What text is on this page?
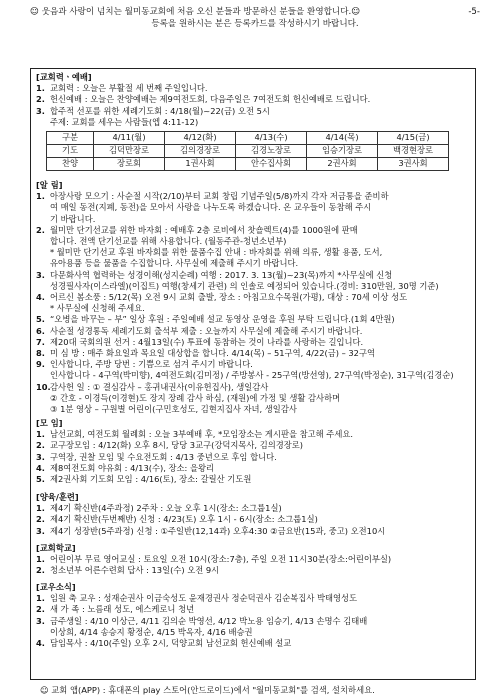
☺ 웃음과 사랑이 넘치는 월미동교회에 처음 오신 분들과 방문하신 분들을 환영합니다.☺	-5-
등록을 원하시는 분은 등록카드를 작성하시기 바랍니다.
[교회력ㆍ예배]
1. 교회력 : 오늘은 부활절 세 번째 주일입니다.
2. 헌신예배 : 오늘은 찬양예배는 제9여전도회, 다음주일은 7여전도회 헌신예배로 드립니다.
3. 합주적 선포를 위한 세례기도회 : 4/18(월)~22(금) 오전 5시
주제: 교회를 세우는 사람들(엡 4:11-12)
구분	4/11(월)	4/12(화)	4/13(수)	4/14(목)	4/15(금)
기도	김덕만장로	김의경장로	김경노장로	임승기장로	백경현장로
찬양	장로회	1권사회	안수집사회	2권사회	3권사회
[알 림]
1. 아장사랑 모으기 : 사순절 시작(2/10)부터 교회 창립 기념주일(5/8)까지 각자 저금통을 준비하
여 매일 동전(지폐, 동전)을 모아서 사랑을 나누도록 하겠습니다. 온 교우들이 동참해 주시
기 바랍니다.
2. 월미만 단기선교를 위한 바자회 : 예배후 2층 로비에서 찻숄렉트(4)를 1000원에 판매
합니다. 전액 단기선교를 위해 사용합니다. (월동주관-청년소년부)
* 월미만 단기선교 후원 바자회를 위한 물품수집 안내 : 바자회를 위해 의류, 생활 용품, 도서,
유아용품 등을 물품을 수집합니다. 사무실에 제출해 주시기 바랍니다.
3. 다문화사역 협력하는 성경이해(성지순례) 여행 : 2017. 3. 13(월)~23(목)까지 *사무실에 신청
성경필사자(이스라엘)(이집트) 여행(창세기 관련) 의 인솔로 예정되어 있습니다.(경비: 310만원, 30명 기준)
4. 어르신 봄소풍 : 5/12(목) 오전 9시 교회 출발, 장소 : 아침고요수목원(가평), 대상 : 70세 이상 성도
* 사무실에 신청해 주세요.
5. “오병을 바꾸는 – 부” 일상 후원 : 주일예배 설교 동영상 운영을 후원 부탁 드립니다.(1회 4만원)
6. 사순절 성경통독 세례기도회 출석부 제출 : 오늘까지 사무실에 제출해 주시기 바랍니다.
7. 제20대 국회의원 선거 : 4월13일(수) 투표에 동참하는 것이 나라를 사랑하는 길입니다.
8. 미 심 방 : 매주 화요일과 목요일 대상합을 합니다. 4/14(목) – 51구역, 4/22(금) – 32구역
9. 인사합니다, 주방 당번 : 기쁨으로 섬겨 주시기 바랍니다.
인사합니다 - 4구역(박미향), 4여전도회(김미정) / 주방봉사 - 25구역(방선영), 27구역(박정순), 31구역(김경순)
10. 감사헌 일 : ① 결심감사 – 홍귀내권사(이유헌집사), 생일감사
② 간호 - 이경득(이경현)도 장지 장례 감사 하심, (재원)에 가정 및 생활 감사하며
③ 1분 영상 – 구원별 어린이(구민호성도, 김현지집사 자녀, 생일감사
[모 임]
1. 남선교회, 여전도회 월례회 : 오늘 3부예배 후, *모임장소는 게시판을 참고해 주세요.
2. 교구장모임 : 4/12(화) 오후 8시, 당당 3교구(강덕지목사, 김의경장로)
3. 구역장, 권찰 모임 및 수요전도회 : 4/13 중년으로 후임 합니다.
4. 제8여전도회 야유회 : 4/13(수), 장소: 을왕리
5. 제2권사회 기도회 모임 : 4/16(토), 장소: 갈릴산 기도원
[양육/훈련]
1. 제4기 확신반(4주과정) 2주차 : 오늘 오후 1시(장소: 소그룹1실)
2. 제4기 확신반(두번째반) 신청 : 4/23(토) 오후 1시 - 6시(장소: 소그룹1실)
3. 제4기 성장반(5주과정) 신청 : ①주일반(12,14과) 오후4:30 ②금요반(15과, 중고) 오전10시
[교회학교]
1. 어린이부 무료 영어교실 : 토요일 오전 10시(장소:7층), 주일 오전 11시30분(장소:어린이부실)
2. 청소년부 어른수련회 답사 : 13일(수) 오전 9시
[교우소식]
1. 임원 축 교우 : 성재순권사 이금숙성도 윤재경권사 정순덕권사 김순복집사 박태영성도
2. 새 가 족 : 노름래 성도, 에스케로니 청년
3. 금주생일 : 4/10 이상근, 4/11 김의순 박영선, 4/12 박노용 임승기, 4/13 손명수 김태배
이상희, 4/14 송승지 황정순, 4/15 박옥자, 4/16 배승권
4. 담임목사 : 4/10(주일) 오후 2시, 덕양교회 남선교회 헌신예배 설교
☺ 교회 앱(APP) : 휴대폰의 play 스토어(안드로이드)에서 "월미동교회"를 검색, 설치하세요.
